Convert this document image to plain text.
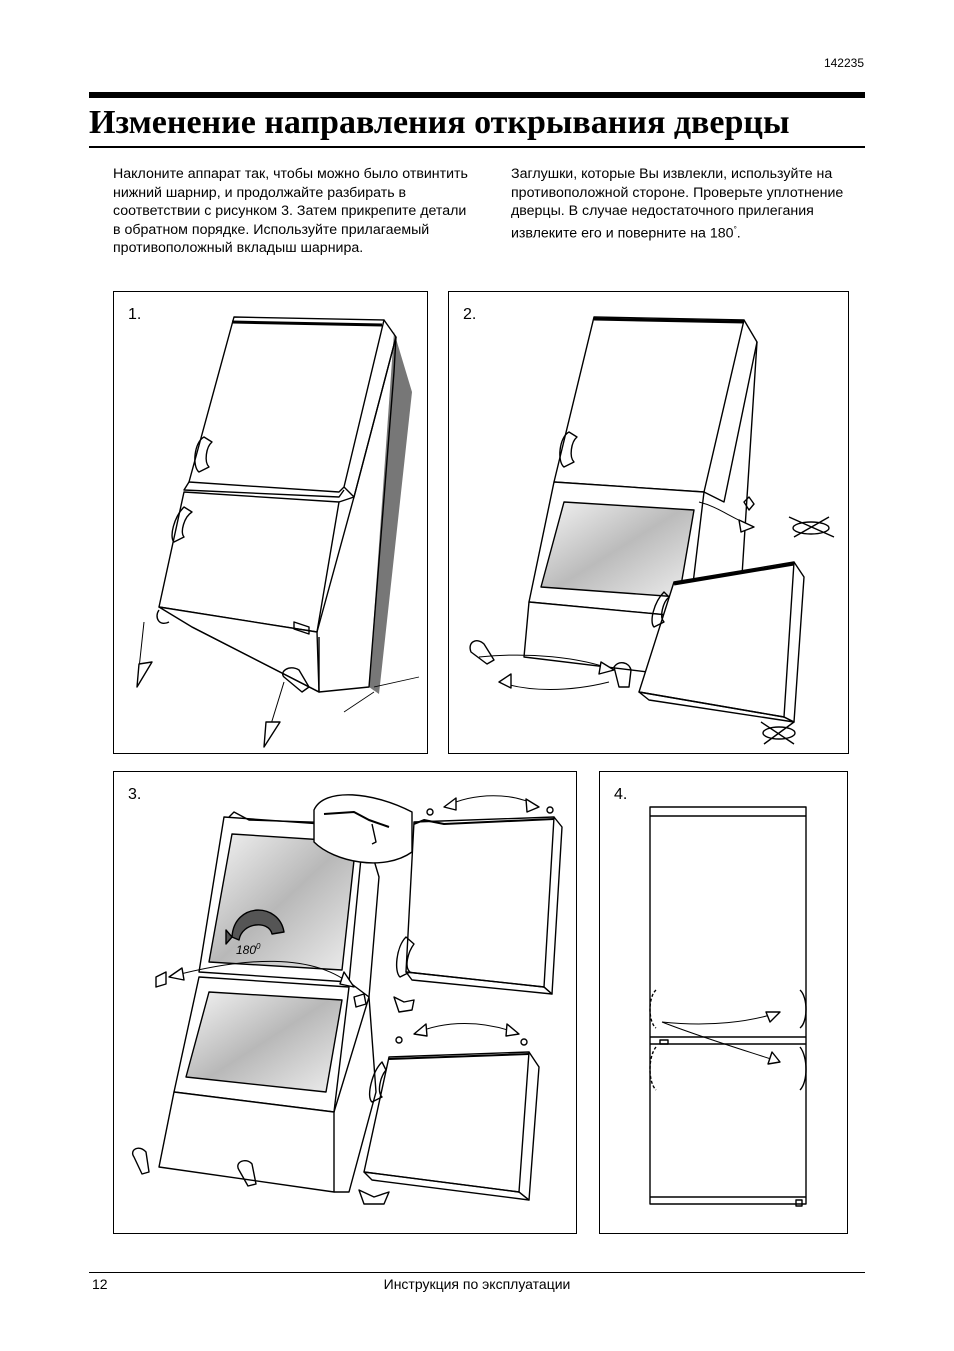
142235
Изменение направления открывания дверцы

Наклоните аппарат так, чтобы можно было отвинтить нижний шарнир, и продолжайте разбирать в соответствии с рисунком 3. Затем прикрепите детали в обратном порядке. Используйте прилагаемый противоположный вкладыш шарнира.

Заглушки, которые Вы извлекли, используйте на противоположной стороне. Проверьте уплотнение дверцы. В случае недостаточного прилегания извлеките его и поверните на 180°.

1.	2.
3.
$180^0$
4.
12	Инструкция по эксплуатации
